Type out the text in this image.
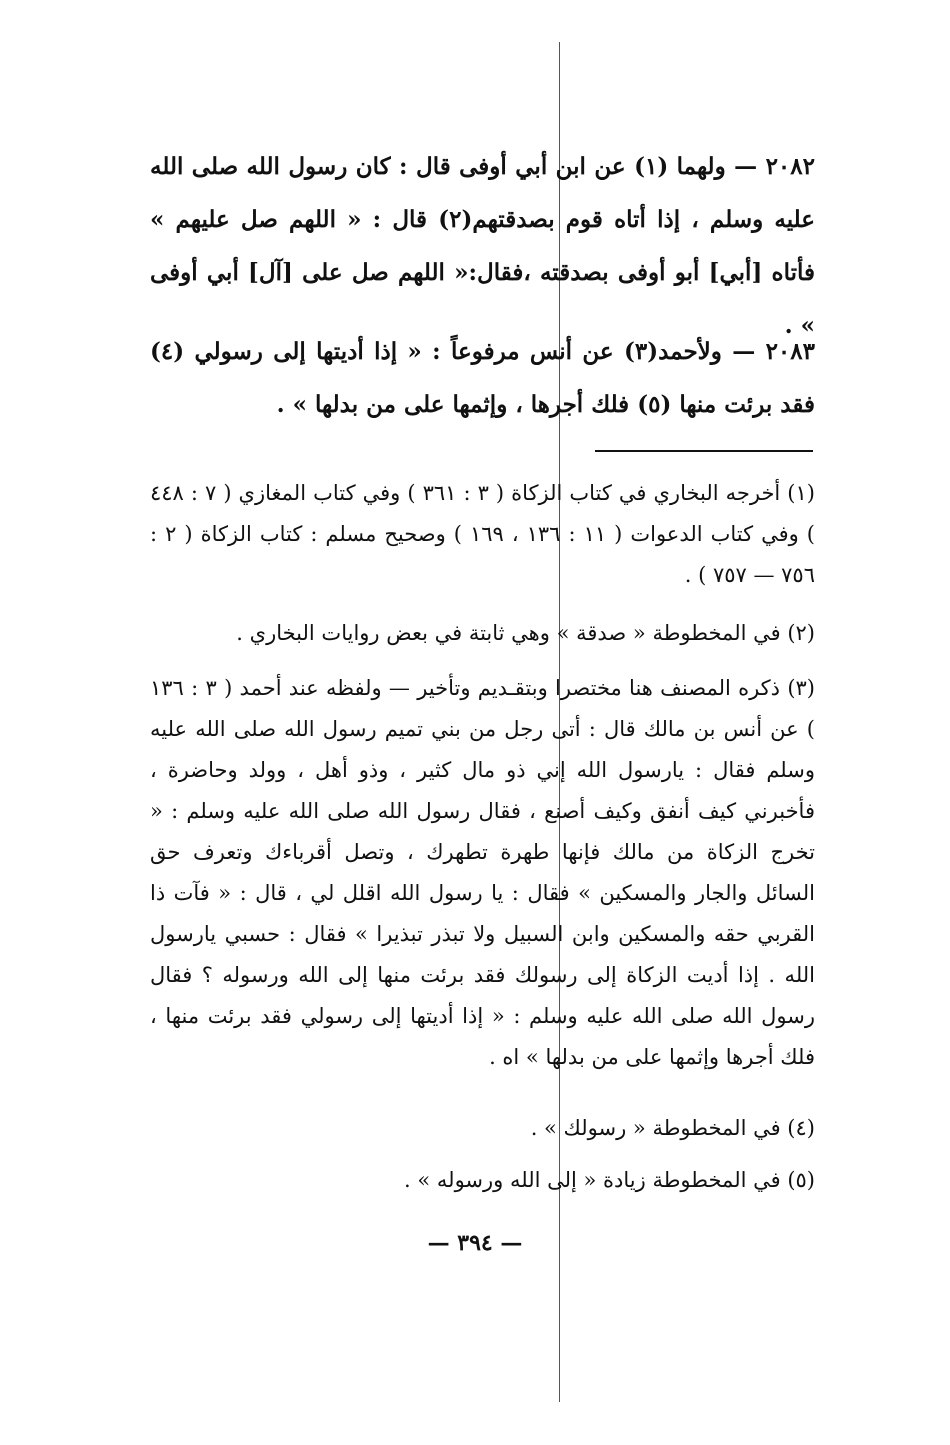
٢٠٨٢ — ولهما (١) عن ابن أبي أوفى قال : كان رسول الله صلى الله عليه وسلم ، إذا أتاه قوم بصدقتهم(٢) قال : « اللهم صل عليهم » فأتاه [أبي] أبو أوفى بصدقته ،فقال:« اللهم صل على [آل] أبي أوفى » .

٢٠٨٣ — ولأحمد(٣) عن أنس مرفوعاً : « إذا أديتها إلى رسولي (٤) فقد برئت منها (٥) فلك أجرها ، وإثمها على من بدلها » .

(١) أخرجه البخاري في كتاب الزكاة ( ٣ : ٣٦١ ) وفي كتاب المغازي ( ٧ : ٤٤٨ ) وفي كتاب الدعوات ( ١١ : ١٣٦ ، ١٦٩ ) وصحيح مسلم : كتاب الزكاة ( ٢ : ٧٥٦ — ٧٥٧ ) .

(٢) في المخطوطة « صدقة » وهي ثابتة في بعض روايات البخاري .

(٣) ذكره المصنف هنا مختصرا وبتقـديم وتأخير — ولفظه عند أحمد ( ٣ : ١٣٦ ) عن أنس بن مالك قال : أتى رجل من بني تميم رسول الله صلى الله عليه وسلم فقال : يارسول الله إني ذو مال كثير ، وذو أهل ، وولد وحاضرة ، فأخبرني كيف أنفق وكيف أصنع ، فقال رسول الله صلى الله عليه وسلم : « تخرج الزكاة من مالك فإنها طهرة تطهرك ، وتصل أقرباءك وتعرف حق السائل والجار والمسكين » فقال : يا رسول الله اقلل لي ، قال : « فآت ذا القربي حقه والمسكين وابن السبيل ولا تبذر تبذيرا » فقال : حسبي يارسول الله . إذا أديت الزكاة إلى رسولك فقد برئت منها إلى الله ورسوله ؟ فقال رسول الله صلى الله عليه وسلم : « إذا أديتها إلى رسولي فقد برئت منها ، فلك أجرها وإثمها على من بدلها » اه .

(٤) في المخطوطة « رسولك » .

(٥) في المخطوطة زيادة « إلى الله ورسوله » .

— ٣٩٤ —
